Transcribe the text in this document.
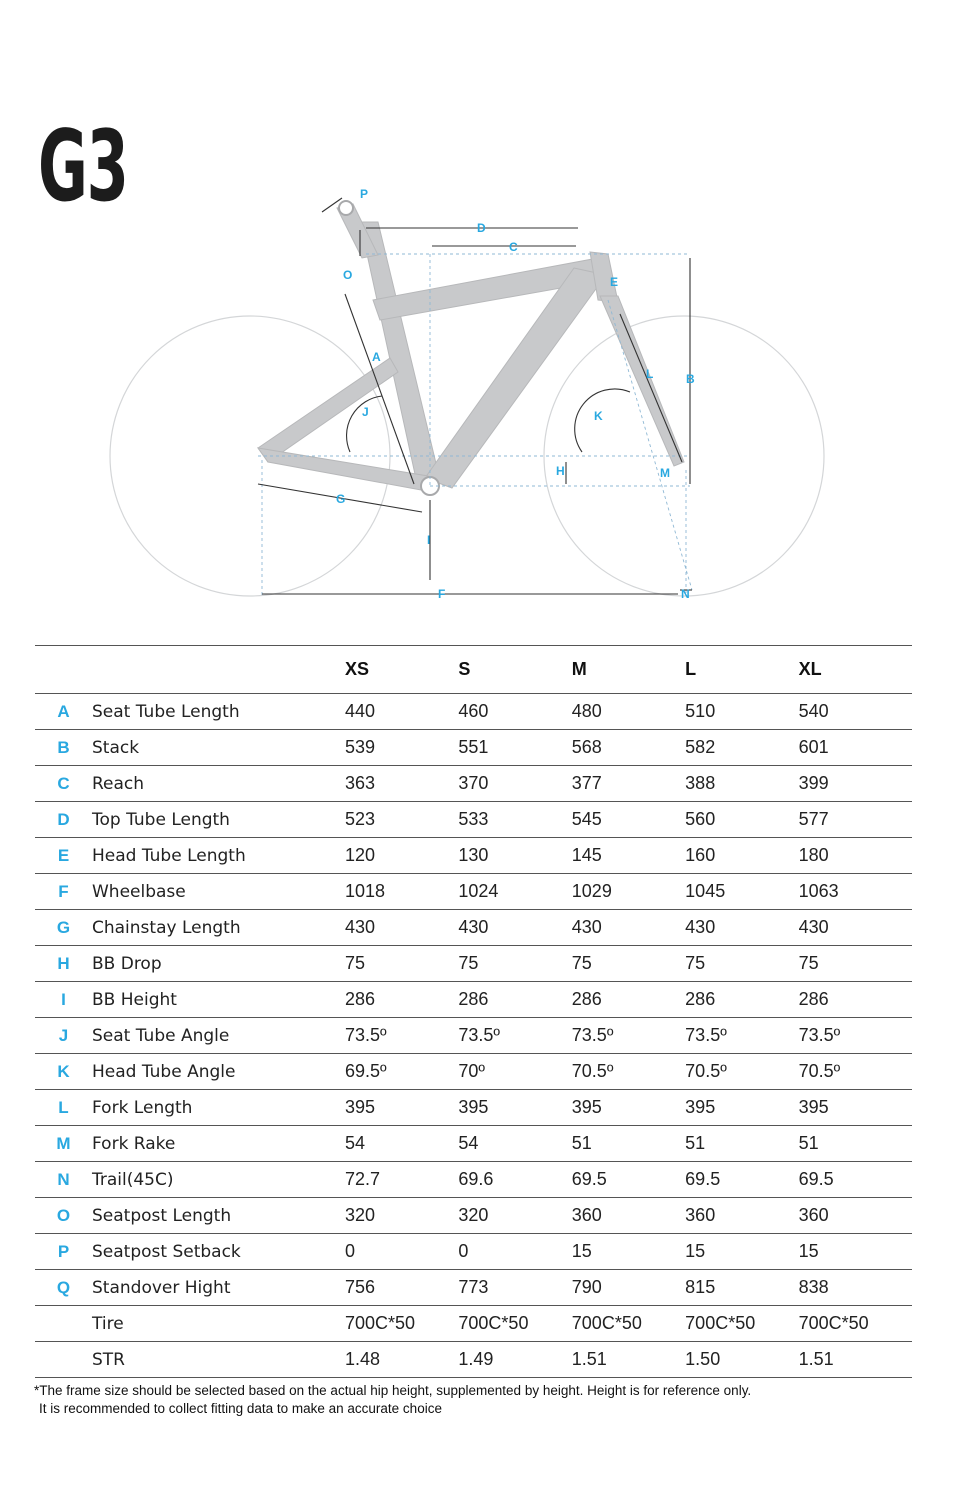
G3	P
D
C
E
O
A
B
L
J	K
H	M
G
I
F	N
		XS	S	M	L	XL
A	Seat Tube Length	440	460	480	510	540
B	Stack	539	551	568	582	601
C	Reach	363	370	377	388	399
D	Top Tube Length	523	533	545	560	577
E	Head Tube Length	120	130	145	160	180
F	Wheelbase	1018	1024	1029	1045	1063
G	Chainstay Length	430	430	430	430	430
H	BB Drop	75	75	75	75	75
I	BB Height	286	286	286	286	286
J	Seat Tube Angle	73.5º	73.5º	73.5º	73.5º	73.5º
K	Head Tube Angle	69.5º	70º	70.5º	70.5º	70.5º
L	Fork Length	395	395	395	395	395
M	Fork Rake	54	54	51	51	51
N	Trail(45C)	72.7	69.6	69.5	69.5	69.5
O	Seatpost Length	320	320	360	360	360
P	Seatpost Setback	0	0	15	15	15
Q	Standover Hight	756	773	790	815	838
	Tire	700C*50	700C*50	700C*50	700C*50	700C*50
	STR	1.48	1.49	1.51	1.50	1.51
*The frame size should be selected based on the actual hip height, supplemented by height. Height is for reference only.
It is recommended to collect fitting data to make an accurate choice
